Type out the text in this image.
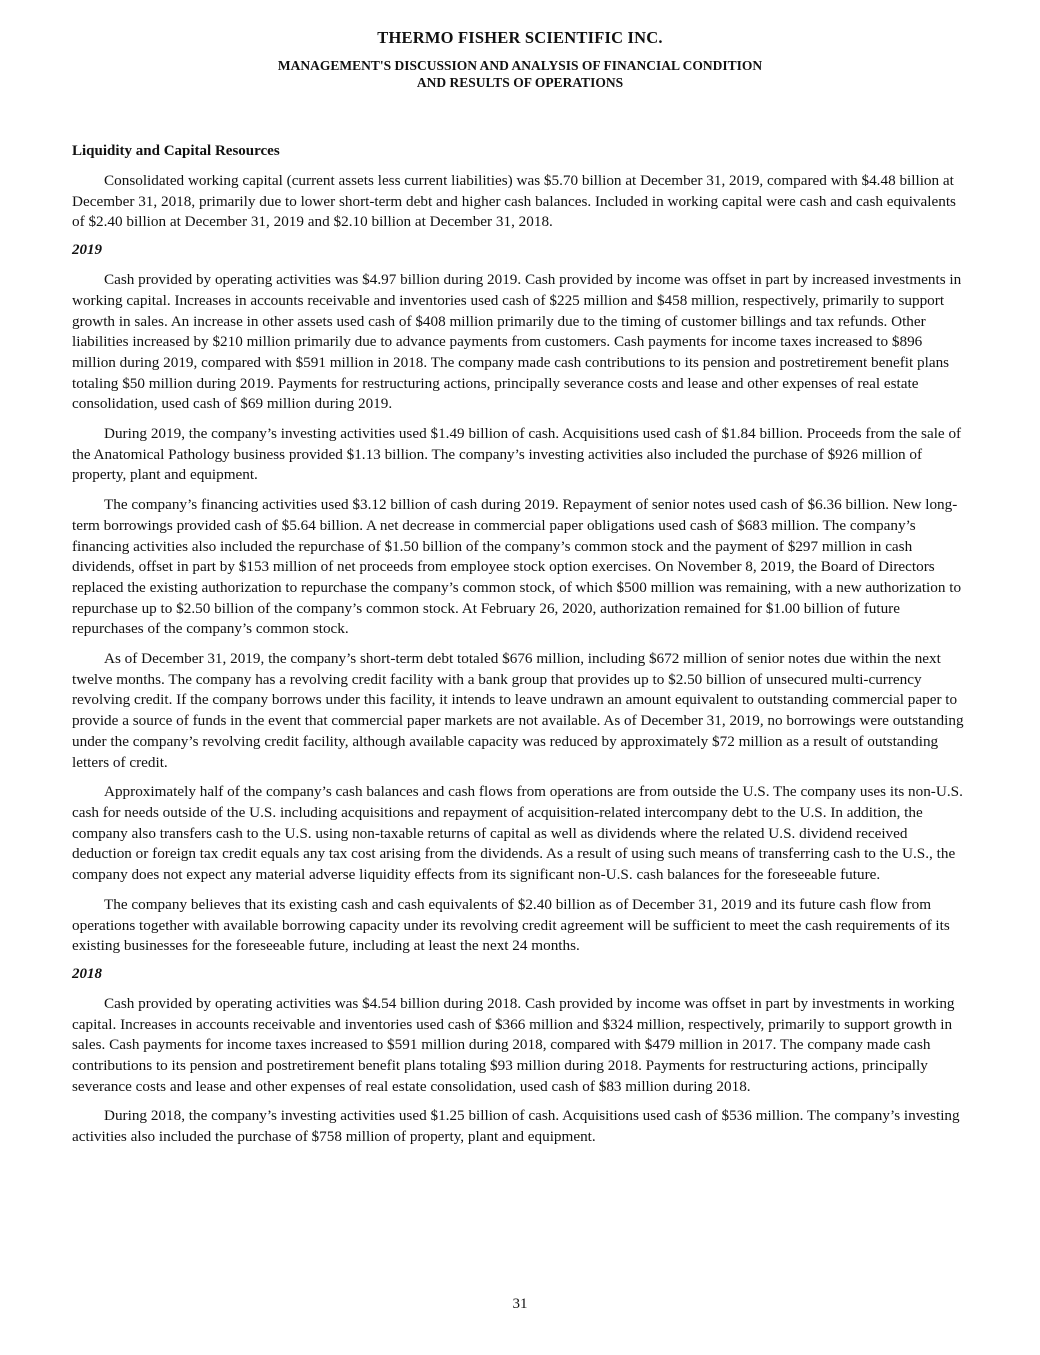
THERMO FISHER SCIENTIFIC INC.
MANAGEMENT'S DISCUSSION AND ANALYSIS OF FINANCIAL CONDITION
AND RESULTS OF OPERATIONS
Liquidity and Capital Resources

Consolidated working capital (current assets less current liabilities) was $5.70 billion at December 31, 2019, compared with $4.48 billion at December 31, 2018, primarily due to lower short-term debt and higher cash balances. Included in working capital were cash and cash equivalents of $2.40 billion at December 31, 2019 and $2.10 billion at December 31, 2018.

2019

Cash provided by operating activities was $4.97 billion during 2019. Cash provided by income was offset in part by increased investments in working capital. Increases in accounts receivable and inventories used cash of $225 million and $458 million, respectively, primarily to support growth in sales. An increase in other assets used cash of $408 million primarily due to the timing of customer billings and tax refunds. Other liabilities increased by $210 million primarily due to advance payments from customers. Cash payments for income taxes increased to $896 million during 2019, compared with $591 million in 2018. The company made cash contributions to its pension and postretirement benefit plans totaling $50 million during 2019. Payments for restructuring actions, principally severance costs and lease and other expenses of real estate consolidation, used cash of $69 million during 2019.

During 2019, the company’s investing activities used $1.49 billion of cash. Acquisitions used cash of $1.84 billion. Proceeds from the sale of the Anatomical Pathology business provided $1.13 billion. The company’s investing activities also included the purchase of $926 million of property, plant and equipment.

The company’s financing activities used $3.12 billion of cash during 2019. Repayment of senior notes used cash of $6.36 billion. New long-term borrowings provided cash of $5.64 billion. A net decrease in commercial paper obligations used cash of $683 million. The company’s financing activities also included the repurchase of $1.50 billion of the company’s common stock and the payment of $297 million in cash dividends, offset in part by $153 million of net proceeds from employee stock option exercises. On November 8, 2019, the Board of Directors replaced the existing authorization to repurchase the company’s common stock, of which $500 million was remaining, with a new authorization to repurchase up to $2.50 billion of the company’s common stock. At February 26, 2020, authorization remained for $1.00 billion of future repurchases of the company’s common stock.

As of December 31, 2019, the company’s short-term debt totaled $676 million, including $672 million of senior notes due within the next twelve months. The company has a revolving credit facility with a bank group that provides up to $2.50 billion of unsecured multi-currency revolving credit. If the company borrows under this facility, it intends to leave undrawn an amount equivalent to outstanding commercial paper to provide a source of funds in the event that commercial paper markets are not available. As of December 31, 2019, no borrowings were outstanding under the company’s revolving credit facility, although available capacity was reduced by approximately $72 million as a result of outstanding letters of credit.

Approximately half of the company’s cash balances and cash flows from operations are from outside the U.S. The company uses its non-U.S. cash for needs outside of the U.S. including acquisitions and repayment of acquisition-related intercompany debt to the U.S. In addition, the company also transfers cash to the U.S. using non-taxable returns of capital as well as dividends where the related U.S. dividend received deduction or foreign tax credit equals any tax cost arising from the dividends. As a result of using such means of transferring cash to the U.S., the company does not expect any material adverse liquidity effects from its significant non-U.S. cash balances for the foreseeable future.

The company believes that its existing cash and cash equivalents of $2.40 billion as of December 31, 2019 and its future cash flow from operations together with available borrowing capacity under its revolving credit agreement will be sufficient to meet the cash requirements of its existing businesses for the foreseeable future, including at least the next 24 months.

2018

Cash provided by operating activities was $4.54 billion during 2018. Cash provided by income was offset in part by investments in working capital. Increases in accounts receivable and inventories used cash of $366 million and $324 million, respectively, primarily to support growth in sales. Cash payments for income taxes increased to $591 million during 2018, compared with $479 million in 2017. The company made cash contributions to its pension and postretirement benefit plans totaling $93 million during 2018. Payments for restructuring actions, principally severance costs and lease and other expenses of real estate consolidation, used cash of $83 million during 2018.

During 2018, the company’s investing activities used $1.25 billion of cash. Acquisitions used cash of $536 million. The company’s investing activities also included the purchase of $758 million of property, plant and equipment.

31
